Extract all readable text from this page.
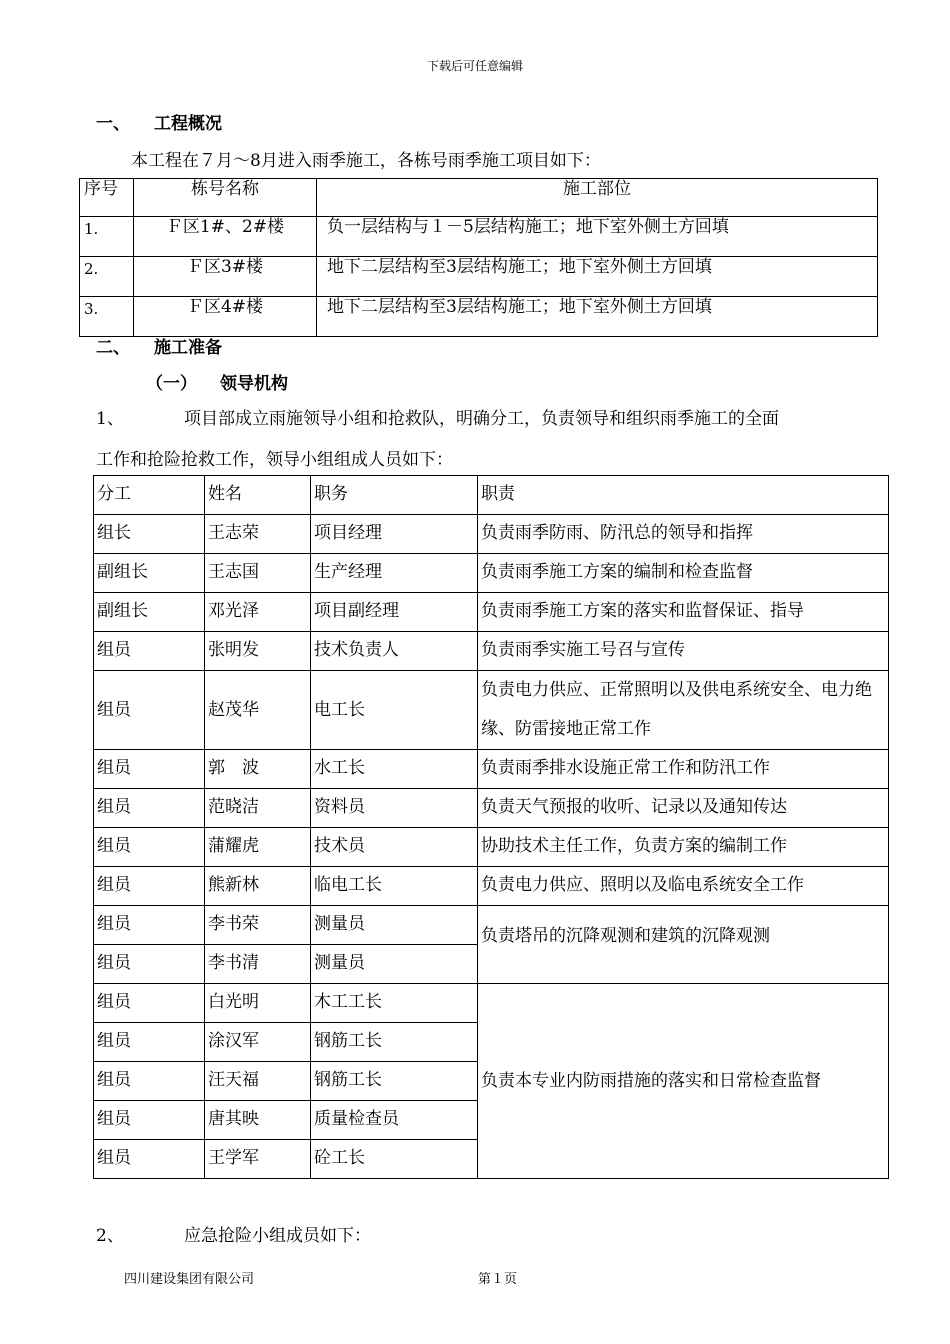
下载后可任意编辑
一、 工程概况
本工程在７月～8月进入雨季施工，各栋号雨季施工项目如下：
序号	栋号名称	施工部位
1.	Ｆ区1#、2#楼	负一层结构与１－5层结构施工；地下室外侧土方回填
2.	Ｆ区3#楼	地下二层结构至3层结构施工；地下室外侧土方回填
3.	Ｆ区4#楼	地下二层结构至3层结构施工；地下室外侧土方回填
二、 施工准备
（一） 领导机构
1、	项目部成立雨施领导小组和抢救队，明确分工，负责领导和组织雨季施工的全面
工作和抢险抢救工作，领导小组组成人员如下：
分工	姓名	职务	职责
组长	王志荣	项目经理	负责雨季防雨、防汛总的领导和指挥
副组长	王志国	生产经理	负责雨季施工方案的编制和检查监督
副组长	邓光泽	项目副经理	负责雨季施工方案的落实和监督保证、指导
组员	张明发	技术负责人	负责雨季实施工号召与宣传
组员	赵茂华	电工长	负责电力供应、正常照明以及供电系统安全、电力绝缘、防雷接地正常工作
组员	郭　波	水工长	负责雨季排水设施正常工作和防汛工作
组员	范晓洁	资料员	负责天气预报的收听、记录以及通知传达
组员	蒲耀虎	技术员	协助技术主任工作，负责方案的编制工作
组员	熊新林	临电工长	负责电力供应、照明以及临电系统安全工作
组员	李书荣	测量员	负责塔吊的沉降观测和建筑的沉降观测
组员	李书清	测量员	
组员	白光明	木工工长	负责本专业内防雨措施的落实和日常检查监督
组员	涂汉军	钢筋工长	
组员	汪天福	钢筋工长	
组员	唐其映	质量检查员	
组员	王学军	砼工长	
2、	应急抢险小组成员如下：
四川建设集团有限公司	第１页
